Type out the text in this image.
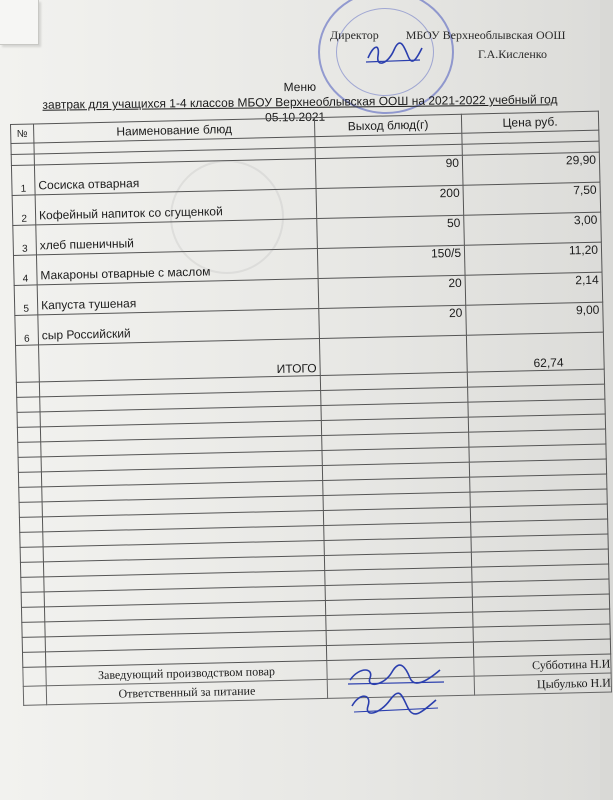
Директор МБОУ Верхнеоблывская ООШ
Г.А.Кисленко
Меню
завтрак для учащихся 1-4 классов МБОУ Верхнеоблывская ООШ на 2021-2022 учебный год
05.10.2021
№	Наименование блюд	Выход блюд(г)	Цена руб.

1	Сосиска отварная	90	29,90
2	Кофейный напиток со сгущенкой	200	7,50
3	хлеб пшеничный	50	3,00
4	Макароны отварные с маслом	150/5	11,20
5	Капуста тушеная	20	2,14
6	сыр Российский	20	9,00
	ИТОГО		62,74

	Заведующий производством повар		Субботина Н.И
	Ответственный за питание		Цыбулько Н.И
